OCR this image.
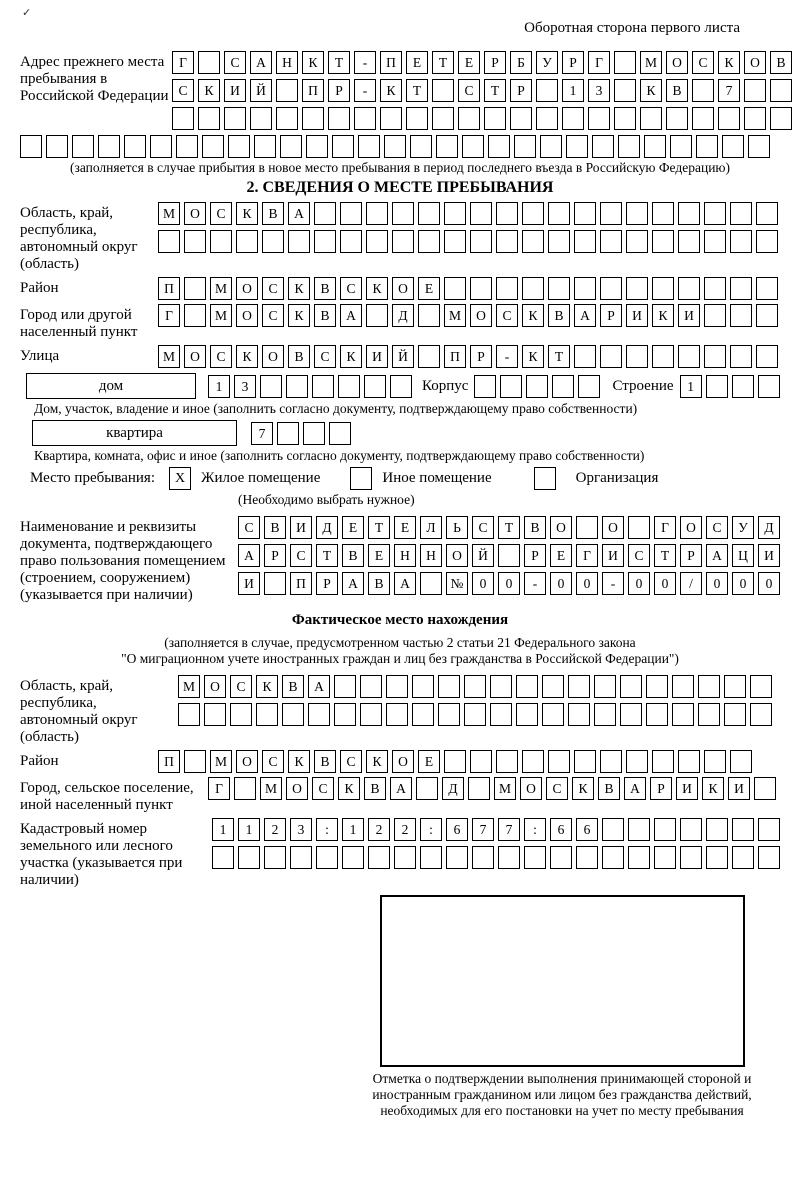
✓
Оборотная сторона первого листа
Адрес прежнего места пребывания в Российской Федерации
Г	С	А	Н	К	Т	-	П	Е	Т	Е	Р	Б	У	Р	Г	М	О	С	К	О	В
С	К	И	Й	П	Р	-	К	Т	С	Т	Р	1	3	К	В	7
(заполняется в случае прибытия в новое место пребывания в период последнего въезда в Российскую Федерацию)
2. СВЕДЕНИЯ О МЕСТЕ ПРЕБЫВАНИЯ
Область, край, республика, автономный округ (область)
М	О	С	К	В	А
Район	П	М	О	С	К	В	С	К	О	Е
Город или другой населенный пункт
Г	М	О	С	К	В	А	Д	М	О	С	К	В	А	Р	И	К	И
Улица	М	О	С	К	О	В	С	К	И	Й	П	Р	-	К	Т
дом	1	3	Корпус	Строение	1
Дом, участок, владение и иное (заполнить согласно документу, подтверждающему право собственности)
квартира	7
Квартира, комната, офис и иное (заполнить согласно документу, подтверждающему право собственности)
Место пребывания:	X	Жилое помещение	Иное помещение	Организация
(Необходимо выбрать нужное)
Наименование и реквизиты документа, подтверждающего право пользования помещением (строением, сооружением) (указывается при наличии)
С	В	И	Д	Е	Т	Е	Л	Ь	С	Т	В	О	О	Г	О	С	У	Д
А	Р	С	Т	В	Е	Н	Н	О	Й	Р	Е	Г	И	С	Т	Р	А	Ц	И
И	П	Р	А	В	А	№	0	0	-	0	0	-	0	0	/	0	0	0
Фактическое место нахождения
(заполняется в случае, предусмотренном частью 2 статьи 21 Федерального закона
"О миграционном учете иностранных граждан и лиц без гражданства в Российской Федерации")
Область, край, республика, автономный округ (область)
М	О	С	К	В	А
Район	П	М	О	С	К	В	С	К	О	Е
Город, сельское поселение, иной населенный пункт
Г	М	О	С	К	В	А	Д	М	О	С	К	В	А	Р	И	К	И
Кадастровый номер земельного или лесного участка (указывается при наличии)
1	1	2	3	:	1	2	2	:	6	7	7	:	6	6
Отметка о подтверждении выполнения принимающей стороной и иностранным гражданином или лицом без гражданства действий, необходимых для его постановки на учет по месту пребывания
